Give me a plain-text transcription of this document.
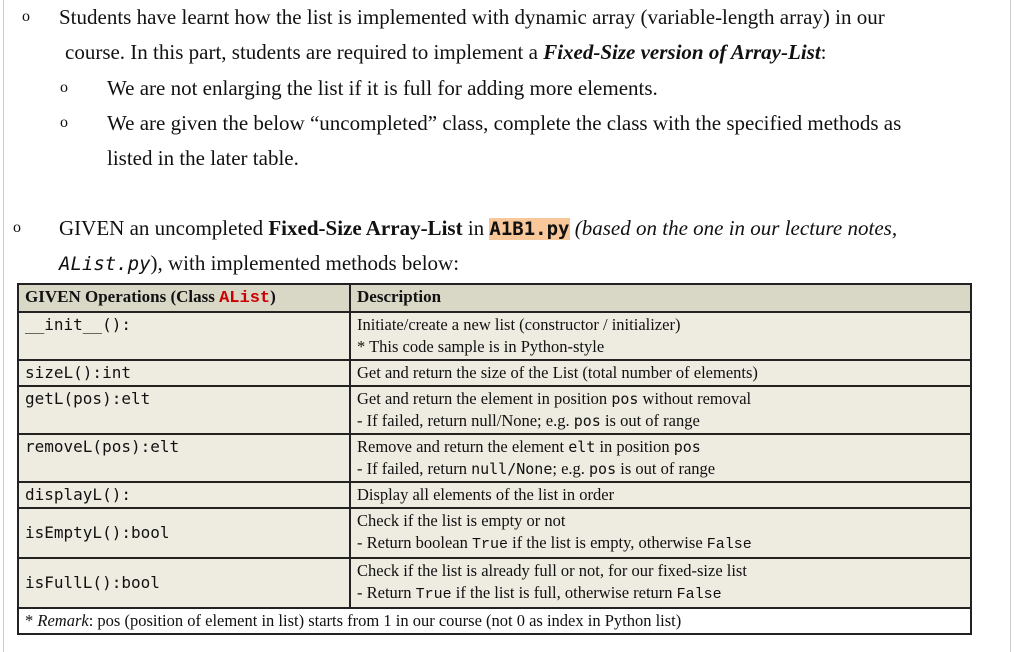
o Students have learnt how the list is implemented with dynamic array (variable-length array) in our
course. In this part, students are required to implement a Fixed-Size version of Array-List:
o We are not enlarging the list if it is full for adding more elements.
o We are given the below “uncompleted” class, complete the class with the specified methods as
listed in the later table.
o GIVEN an uncompleted Fixed-Size Array-List in A1B1.py (based on the one in our lecture notes,
AList.py), with implemented methods below:
GIVEN Operations (Class AList)	Description
__init__():	Initiate/create a new list (constructor / initializer)
* This code sample is in Python-style

sizeL():int	Get and return the size of the List (total number of elements)
getL(pos):elt	Get and return the element in position pos without removal
- If failed, return null/None; e.g. pos is out of range

removeL(pos):elt	Remove and return the element elt in position pos
- If failed, return null/None; e.g. pos is out of range

displayL():	Display all elements of the list in order
isEmptyL():bool	Check if the list is empty or not
- Return boolean True if the list is empty, otherwise False

isFullL():bool	Check if the list is already full or not, for our fixed-size list
- Return True if the list is full, otherwise return False

* Remark: pos (position of element in list) starts from 1 in our course (not 0 as index in Python list)	
